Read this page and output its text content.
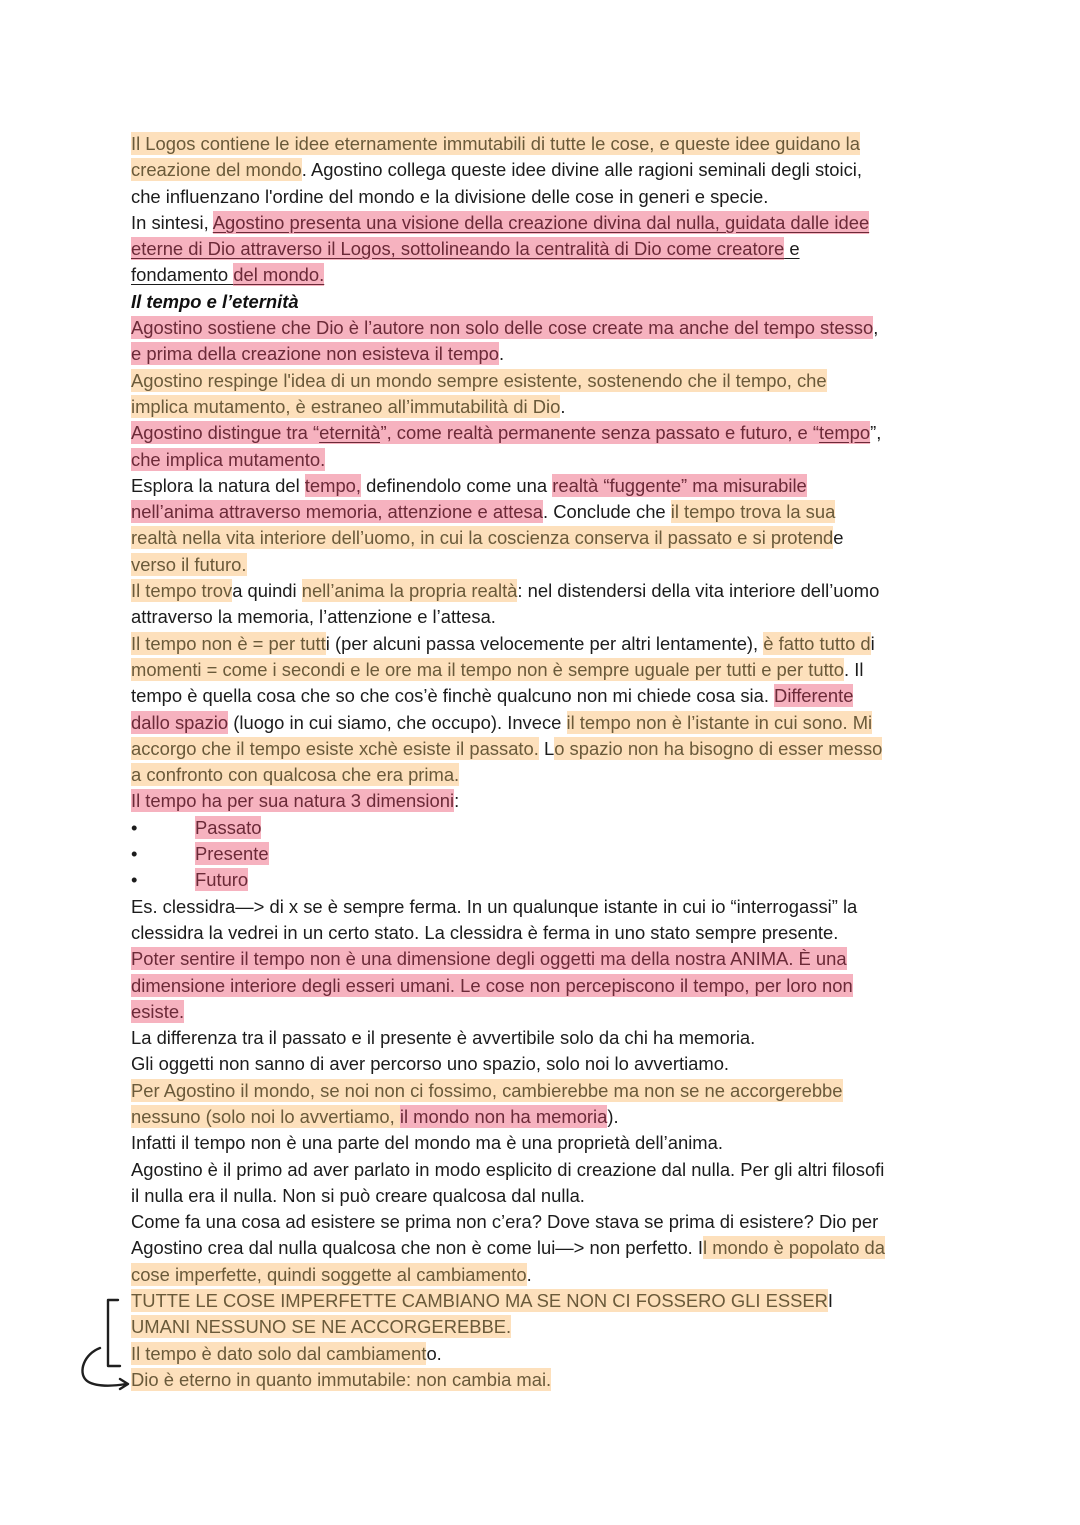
Il Logos contiene le idee eternamente immutabili di tutte le cose, e queste idee guidano la
creazione del mondo. Agostino collega queste idee divine alle ragioni seminali degli stoici,
che influenzano l'ordine del mondo e la divisione delle cose in generi e specie.
In sintesi, Agostino presenta una visione della creazione divina dal nulla, guidata dalle idee
eterne di Dio attraverso il Logos, sottolineando la centralità di Dio come creatore e
fondamento del mondo.
Il tempo e l’eternità
Agostino sostiene che Dio è l’autore non solo delle cose create ma anche del tempo stesso,
e prima della creazione non esisteva il tempo.
Agostino respinge l'idea di un mondo sempre esistente, sostenendo che il tempo, che
implica mutamento, è estraneo all’immutabilità di Dio.
Agostino distingue tra “eternità”, come realtà permanente senza passato e futuro, e “tempo”,
che implica mutamento.
Esplora la natura del tempo, definendolo come una realtà “fuggente” ma misurabile
nell’anima attraverso memoria, attenzione e attesa. Conclude che il tempo trova la sua
realtà nella vita interiore dell’uomo, in cui la coscienza conserva il passato e si protende
verso il futuro.
Il tempo trova quindi nell’anima la propria realtà: nel distendersi della vita interiore dell’uomo
attraverso la memoria, l’attenzione e l’attesa.
Il tempo non è = per tutti (per alcuni passa velocemente per altri lentamente), è fatto tutto di
momenti = come i secondi e le ore ma il tempo non è sempre uguale per tutti e per tutto. Il
tempo è quella cosa che so che cos’è finchè qualcuno non mi chiede cosa sia. Differente
dallo spazio (luogo in cui siamo, che occupo). Invece il tempo non è l’istante in cui sono. Mi
accorgo che il tempo esiste xchè esiste il passato. Lo spazio non ha bisogno di esser messo
a confronto con qualcosa che era prima.
Il tempo ha per sua natura 3 dimensioni:
•	Passato
•	Presente
•	Futuro
Es. clessidra—> di x se è sempre ferma. In un qualunque istante in cui io “interrogassi” la
clessidra la vedrei in un certo stato. La clessidra è ferma in uno stato sempre presente.
Poter sentire il tempo non è una dimensione degli oggetti ma della nostra ANIMA. È una
dimensione interiore degli esseri umani. Le cose non percepiscono il tempo, per loro non
esiste.
La differenza tra il passato e il presente è avvertibile solo da chi ha memoria.
Gli oggetti non sanno di aver percorso uno spazio, solo noi lo avvertiamo.
Per Agostino il mondo, se noi non ci fossimo, cambierebbe ma non se ne accorgerebbe
nessuno (solo noi lo avvertiamo, il mondo non ha memoria).
Infatti il tempo non è una parte del mondo ma è una proprietà dell’anima.
Agostino è il primo ad aver parlato in modo esplicito di creazione dal nulla. Per gli altri filosofi
il nulla era il nulla. Non si può creare qualcosa dal nulla.
Come fa una cosa ad esistere se prima non c’era? Dove stava se prima di esistere? Dio per
Agostino crea dal nulla qualcosa che non è come lui—> non perfetto. Il mondo è popolato da
cose imperfette, quindi soggette al cambiamento.
TUTTE LE COSE IMPERFETTE CAMBIANO MA SE NON CI FOSSERO GLI ESSERI
UMANI NESSUNO SE NE ACCORGEREBBE.
Il tempo è dato solo dal cambiamento.
Dio è eterno in quanto immutabile: non cambia mai.
